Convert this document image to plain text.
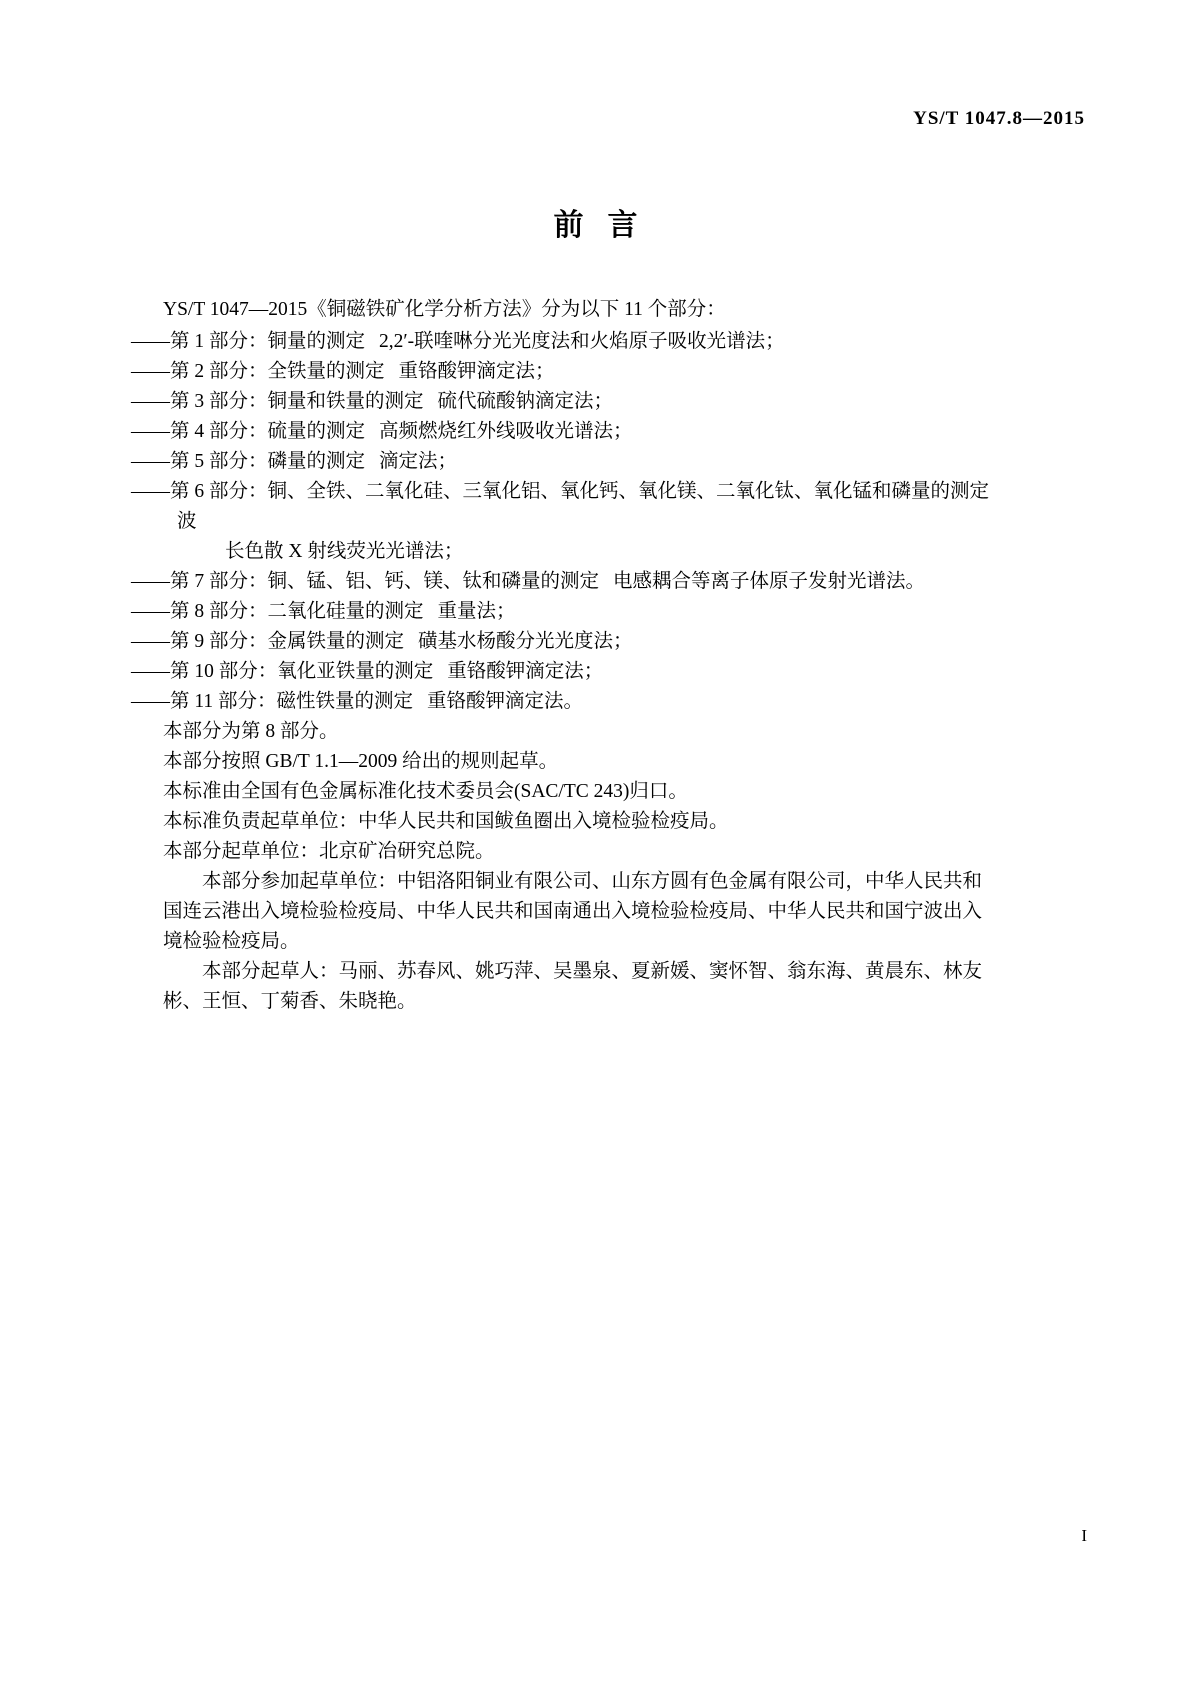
YS/T 1047.8—2015
前言

YS/T 1047—2015《铜磁铁矿化学分析方法》分为以下 11 个部分：

——第 1 部分：铜量的测定 2,2′-联喹啉分光光度法和火焰原子吸收光谱法；

——第 2 部分：全铁量的测定 重铬酸钾滴定法；

——第 3 部分：铜量和铁量的测定 硫代硫酸钠滴定法；

——第 4 部分：硫量的测定 高频燃烧红外线吸收光谱法；

——第 5 部分：磷量的测定 滴定法；

——第 6 部分：铜、全铁、二氧化硅、三氧化铝、氧化钙、氧化镁、二氧化钛、氧化锰和磷量的测定波
长色散 X 射线荧光光谱法；

——第 7 部分：铜、锰、铝、钙、镁、钛和磷量的测定 电感耦合等离子体原子发射光谱法。

——第 8 部分：二氧化硅量的测定 重量法；

——第 9 部分：金属铁量的测定 磺基水杨酸分光光度法；

——第 10 部分：氧化亚铁量的测定 重铬酸钾滴定法；

——第 11 部分：磁性铁量的测定 重铬酸钾滴定法。

本部分为第 8 部分。

本部分按照 GB/T 1.1—2009 给出的规则起草。

本标准由全国有色金属标准化技术委员会(SAC/TC 243)归口。

本标准负责起草单位：中华人民共和国鲅鱼圈出入境检验检疫局。

本部分起草单位：北京矿冶研究总院。

本部分参加起草单位：中铝洛阳铜业有限公司、山东方圆有色金属有限公司，中华人民共和国连云港出入境检验检疫局、中华人民共和国南通出入境检验检疫局、中华人民共和国宁波出入境检验检疫局。

本部分起草人：马丽、苏春风、姚巧萍、吴墨泉、夏新媛、窦怀智、翁东海、黄晨东、林友彬、王恒、丁菊香、朱晓艳。

I
